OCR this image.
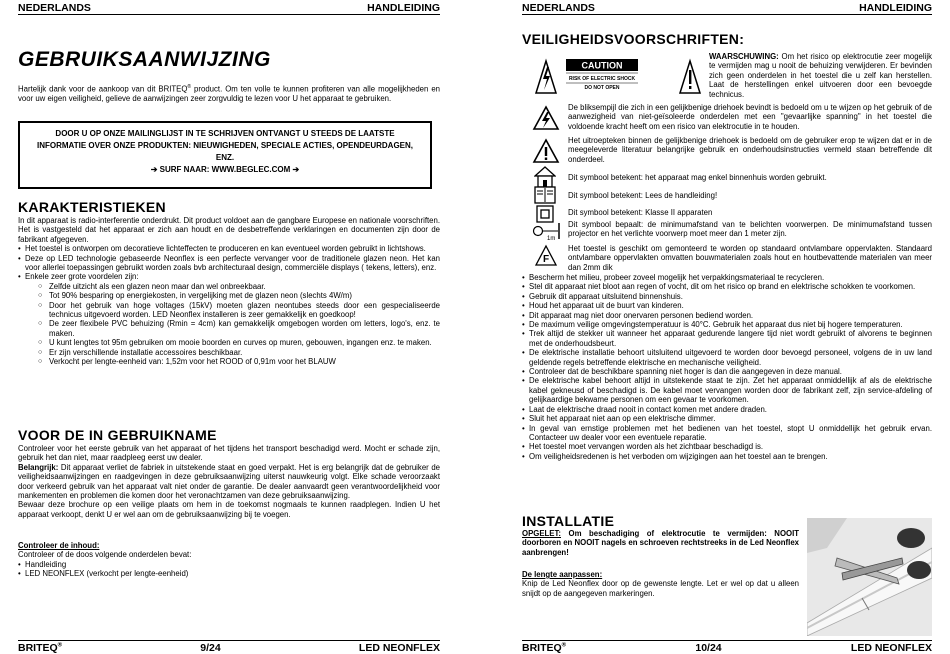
NEDERLANDS	HANDLEIDING
GEBRUIKSAANWIJZING
Hartelijk dank voor de aankoop van dit BRITEQ® product. Om ten volle te kunnen profiteren van alle mogelijkheden en voor uw eigen veiligheid, gelieve de aanwijzingen zeer zorgvuldig te lezen voor U het apparaat te gebruiken.
DOOR U OP ONZE MAILINGLIJST IN TE SCHRIJVEN ONTVANGT U STEEDS DE LAATSTE INFORMATIE OVER ONZE PRODUKTEN: NIEUWIGHEDEN, SPECIALE ACTIES, OPENDEURDAGEN, ENZ.
➔ SURF NAAR: WWW.BEGLEC.COM ➔
KARAKTERISTIEKEN

In dit apparaat is radio-interferentie onderdrukt. Dit product voldoet aan de gangbare Europese en nationale voorschriften. Het is vastgesteld dat het apparaat er zich aan houdt en de desbetreffende verklaringen en documenten zijn door de fabrikant afgegeven.

• Het toestel is ontworpen om decoratieve lichteffecten te produceren en kan eventueel worden gebruikt in lichtshows.
• Deze op LED technologie gebaseerde Neonflex is een perfecte vervanger voor de traditionele glazen neon. Het kan voor allerlei toepassingen gebruikt worden zoals bvb architecturaal design, commerciële displays ( tekens, letters), enz.
• Enkele zeer grote voordelen zijn:
○ Zelfde uitzicht als een glazen neon maar dan wel onbreekbaar.
○ Tot 90% besparing op energiekosten, in vergelijking met de glazen neon (slechts 4W/m)
○ Door het gebruik van hoge voltages (15kV) moeten glazen neontubes steeds door een gespecialiseerde technicus uitgevoerd worden. LED Neonflex installeren is zeer gemakkelijk en goedkoop!
○ De zeer flexibele PVC behuizing (Rmin = 4cm) kan gemakkelijk omgebogen worden om letters, logo's, enz. te maken.
○ U kunt lengtes tot 95m gebruiken om mooie boorden en curves op muren, gebouwen, ingangen enz. te maken.
○ Er zijn verschillende installatie accessoires beschikbaar.
○ Verkocht per lengte-eenheid van: 1,52m voor het ROOD of 0,91m voor het BLAUW
VOOR DE IN GEBRUIKNAME

Controleer voor het eerste gebruik van het apparaat of het tijdens het transport beschadigd werd. Mocht er schade zijn, gebruik het dan niet, maar raadpleeg eerst uw dealer.

Belangrijk: Dit apparaat verliet de fabriek in uitstekende staat en goed verpakt. Het is erg belangrijk dat de gebruiker de veiligheidsaanwijzingen en raadgevingen in deze gebruiksaanwijzing uiterst nauwkeurig volgt. Elke schade veroorzaakt door verkeerd gebruik van het apparaat valt niet onder de garantie. De dealer aanvaardt geen verantwoordelijkheid voor mankementen en problemen die komen door het veronachtzamen van deze gebruiksaanwijzing.

Bewaar deze brochure op een veilige plaats om hem in de toekomst nogmaals te kunnen raadplegen. Indien U het apparaat verkoopt, denkt U er wel aan om de gebruiksaanwijzing bij te voegen.

Controleer de inhoud:

Controleer of de doos volgende onderdelen bevat:

• Handleiding
• LED NEONFLEX (verkocht per lengte-eenheid)
BRITEQ®	9/24	LED NEONFLEX
NEDERLANDS	HANDLEIDING
VEILIGHEIDSVOORSCHRIFTEN:
CAUTION
RISK OF ELECTRIC SHOCK
DO NOT OPEN
WAARSCHUWING: Om het risico op elektrocutie zeer mogelijk te vermijden mag u nooit de behuizing verwijderen. Er bevinden zich geen onderdelen in het toestel die u zelf kan herstellen. Laat de herstellingen enkel uitvoeren door een bevoegde technicus.
De bliksempijl die zich in een gelijkbenige driehoek bevindt is bedoeld om u te wijzen op het gebruik of de aanwezigheid van niet-geïsoleerde onderdelen met een "gevaarlijke spanning" in het toestel die voldoende kracht heeft om een risico van elektrocutie in te houden.
Het uitroepteken binnen de gelijkbenige driehoek is bedoeld om de gebruiker erop te wijzen dat er in de meegeleverde literatuur belangrijke gebruik en onderhoudsinstructies vermeld staan betreffende dit onderdeel.
Dit symbool betekent: het apparaat mag enkel binnenhuis worden gebruikt.
Dit symbool betekent: Lees de handleiding!
Dit symbool betekent: Klasse II apparaten
1m
Dit symbool bepaalt: de minimumafstand van te belichten voorwerpen. De minimumafstand tussen projector en het verlichte voorwerp moet meer dan 1 meter zijn.
F
Het toestel is geschikt om gemonteerd te worden op standaard ontvlambare oppervlakten. Standaard ontvlambare oppervlakten omvatten bouwmaterialen zoals hout en houtbevattende materialen van meer dan 2mm dik
• Bescherm het milieu, probeer zoveel mogelijk het verpakkingsmateriaal te recycleren.
• Stel dit apparaat niet bloot aan regen of vocht, dit om het risico op brand en elektrische schokken te voorkomen.
• Gebruik dit apparaat uitsluitend binnenshuis.
• Houd het apparaat uit de buurt van kinderen.
• Dit apparaat mag niet door onervaren personen bediend worden.
• De maximum veilige omgevingstemperatuur is 40°C. Gebruik het apparaat dus niet bij hogere temperaturen.
• Trek altijd de stekker uit wanneer het apparaat gedurende langere tijd niet wordt gebruikt of alvorens te beginnen met de onderhoudsbeurt.
• De elektrische installatie behoort uitsluitend uitgevoerd te worden door bevoegd personeel, volgens de in uw land geldende regels betreffende elektrische en mechanische veiligheid.
• Controleer dat de beschikbare spanning niet hoger is dan die aangegeven in deze manual.
• De elektrische kabel behoort altijd in uitstekende staat te zijn. Zet het apparaat onmiddellijk af als de elektrische kabel gekneusd of beschadigd is. De kabel moet vervangen worden door de fabrikant zelf, zijn service-afdeling of gelijkaardige bekwame personen om een gevaar te voorkomen.
• Laat de elektrische draad nooit in contact komen met andere draden.
• Sluit het apparaat niet aan op een elektrische dimmer.
• In geval van ernstige problemen met het bedienen van het toestel, stopt U onmiddellijk het gebruik ervan. Contacteer uw dealer voor een eventuele reparatie.
• Het toestel moet vervangen worden als het zichtbaar beschadigd is.
• Om veiligheidsredenen is het verboden om wijzigingen aan het toestel aan te brengen.
INSTALLATIE
OPGELET: Om beschadiging of elektrocutie te vermijden: NOOIT doorboren en NOOIT nagels en schroeven rechtstreeks in de Led Neonflex aanbrengen!

De lengte aanpassen:

Knip de Led Neonflex door op de gewenste lengte. Let er wel op dat u alleen snijdt op de aangegeven markeringen.

BRITEQ®	10/24	LED NEONFLEX
